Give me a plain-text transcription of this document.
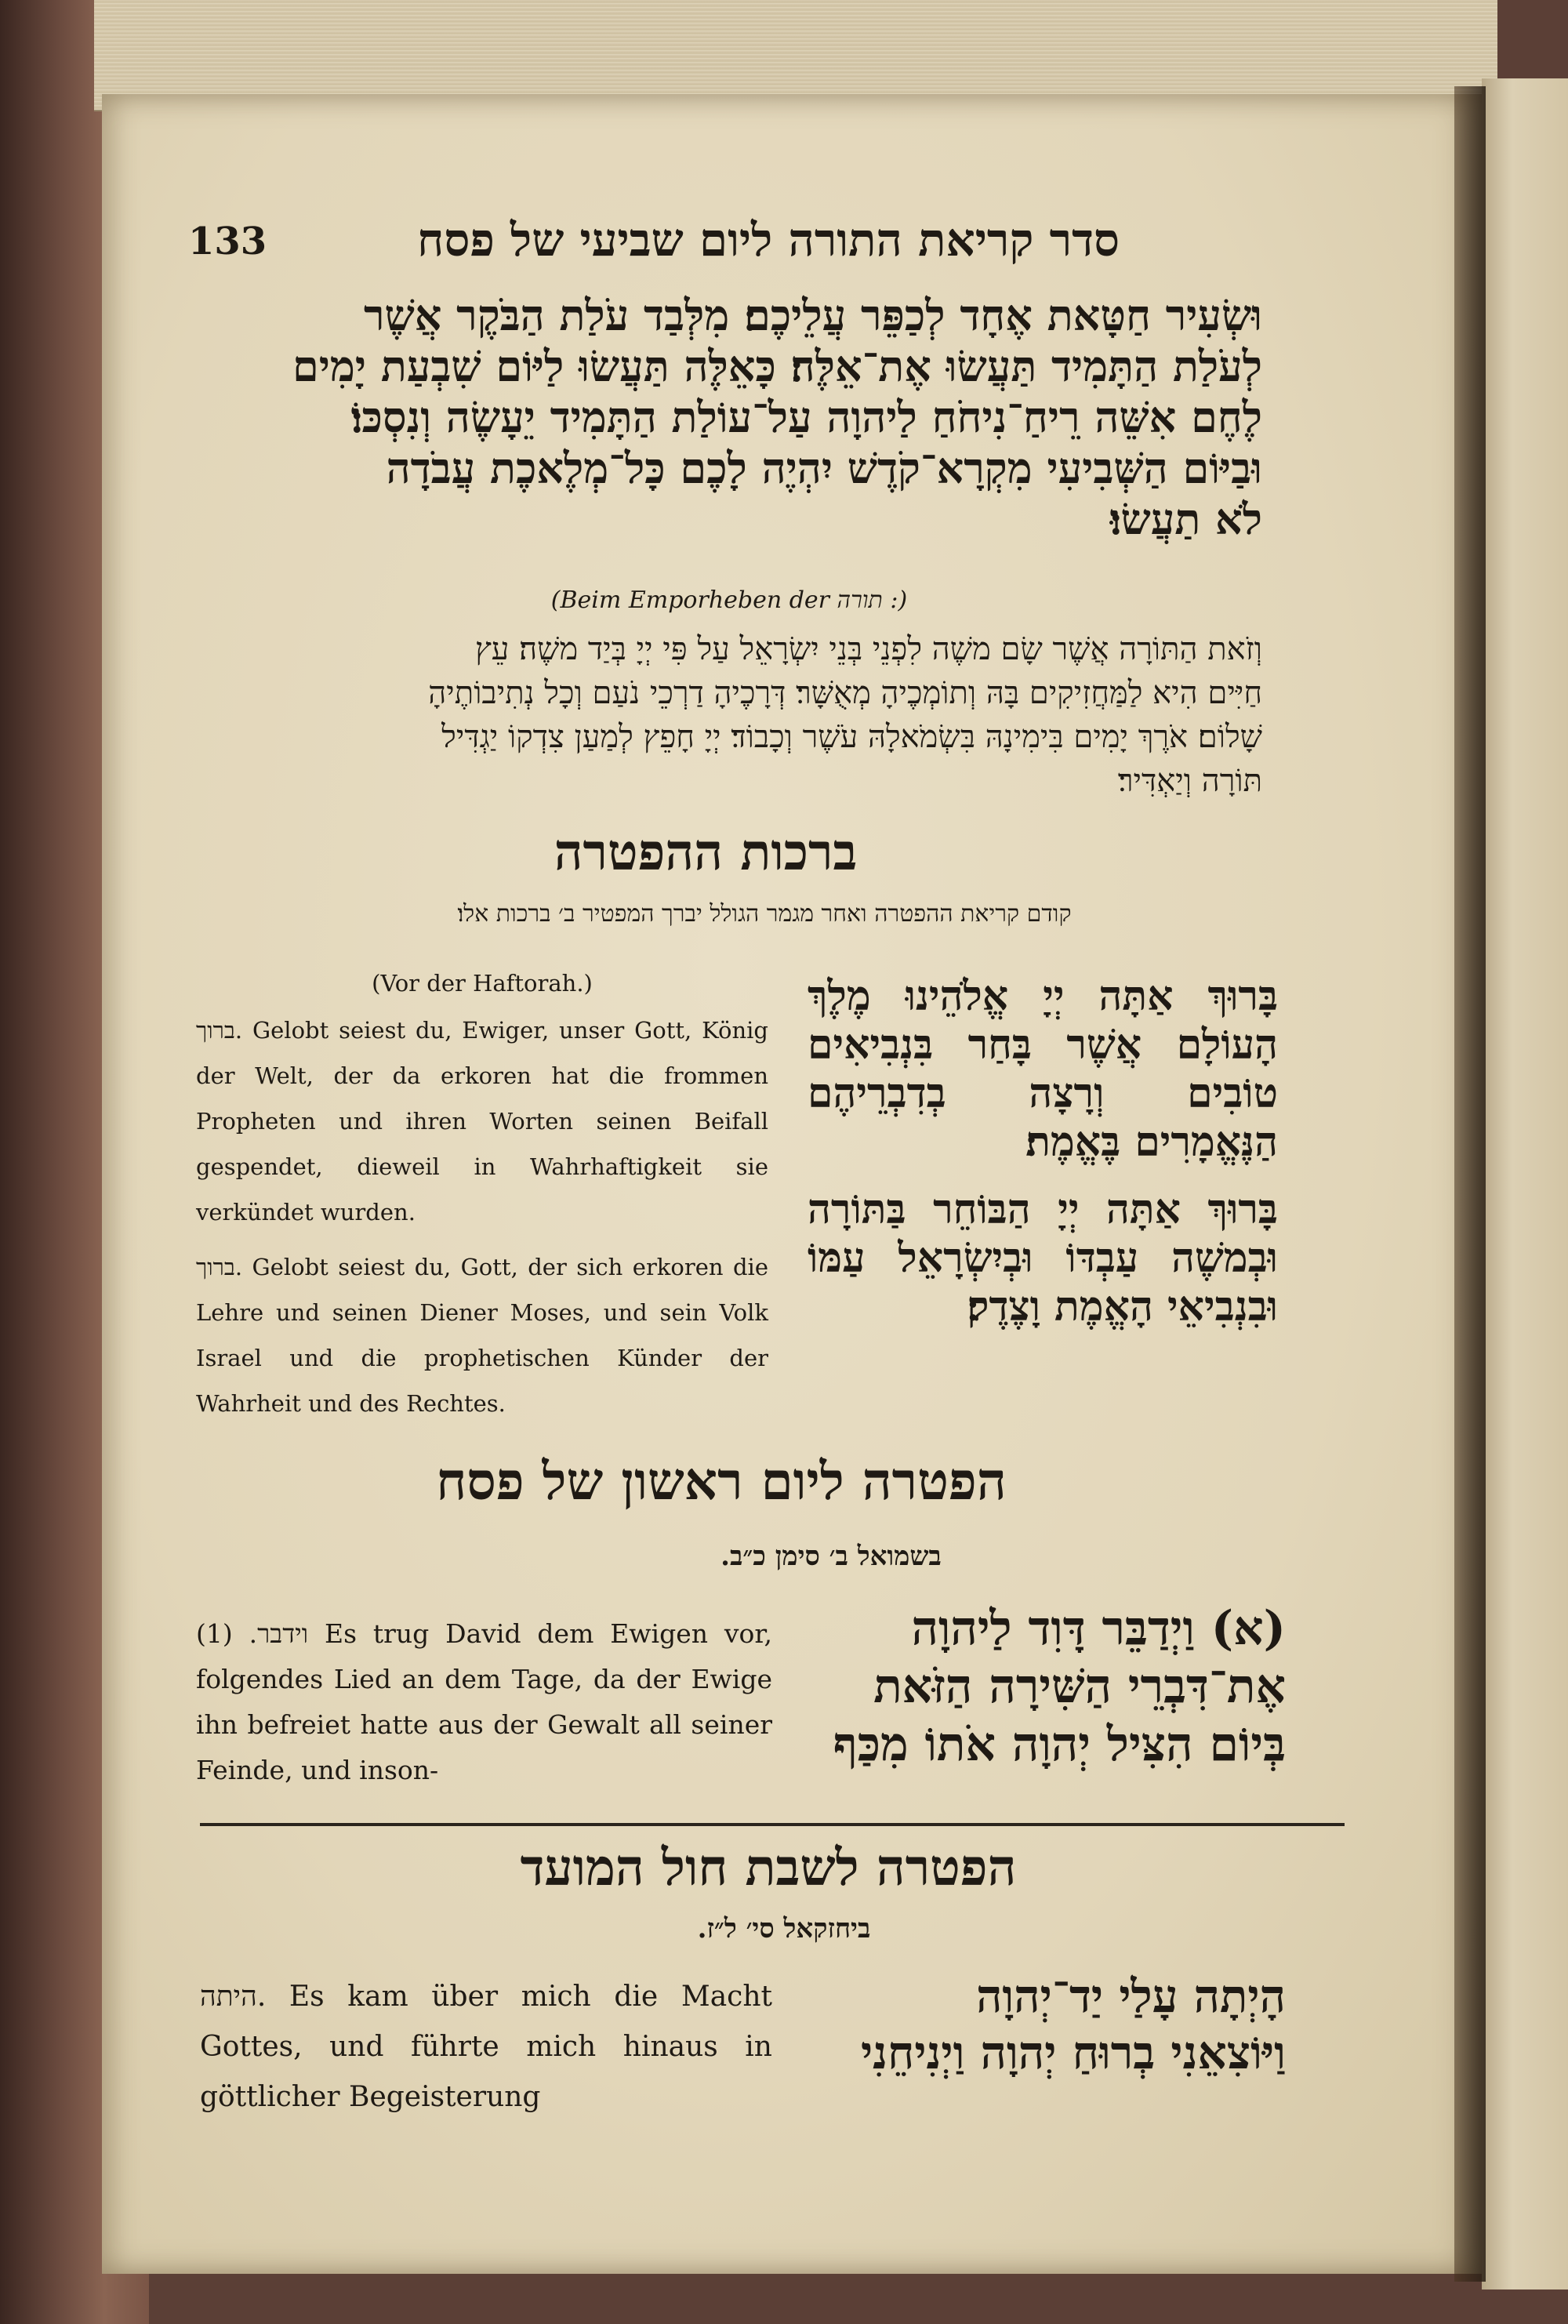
133	סדר קריאת התורה ליום שביעי של פסח

וּשְׂעִיר חַטָּאת אֶחָד לְכַפֵּר עֲלֵיכֶם׃ מִלְּבַד עֹלַת הַבֹּקֶר אֲשֶׁר

לְעֹלַת הַתָּמִיד תַּעֲשׂוּ אֶת־אֵלֶּה׃ כָּאֵלֶּה תַּעֲשׂוּ לַיּוֹם שִׁבְעַת יָמִים

לֶחֶם אִשֵּׁה רֵיחַ־נִיחֹחַ לַיהוָה עַל־עוֹלַת הַתָּמִיד יֵעָשֶׂה וְנִסְכּוֹ׃

וּבַיּוֹם הַשְּׁבִיעִי מִקְרָא־קֹדֶשׁ יִהְיֶה לָכֶם כָּל־מְלֶאכֶת עֲבֹדָה

לֹא תַעֲשׂוּ׃

(Beim Emporheben der תורה :)

וְזֹאת הַתּוֹרָה אֲשֶׁר שָׂם משֶׁה לִפְנֵי בְּנֵי יִשְׂרָאֵל עַל פִּי יְיָ בְּיַד משֶׁה׃ עֵץ

חַיִּים הִיא לַמַּחֲזִיקִים בָּהּ וְתוֹמְכֶיהָ מְאֻשָּׁר׃ דְּרָכֶיהָ דַרְכֵי נֹעַם וְכָל נְתִיבוֹתֶיהָ

שָׁלוֹם׃ אֹרֶךְ יָמִים בִּימִינָהּ בִּשְׂמֹאלָהּ עֹשֶׁר וְכָבוֹד׃ יְיָ חָפֵץ לְמַעַן צִדְקוֹ יַגְדִּיל

תּוֹרָה וְיַאְדִּיר׃

ברכות ההפטרה
קודם קריאת ההפטרה ואחר מגמר הגולל יברך המפטיר ב׳ ברכות אלו׃
(Vor der Haftorah.)

ברוך. Gelobt seiest du, Ewiger, unser Gott, König der Welt, der da erkoren hat die frommen Propheten und ihren Worten seinen Beifall gespendet, dieweil in Wahrhaftigkeit sie verkündet wurden.

ברוך. Gelobt seiest du, Gott, der sich erkoren die Lehre und seinen Diener Moses, und sein Volk Israel und die prophetischen Künder der Wahrheit und des Rechtes.

בָּרוּךְ אַתָּה יְיָ אֱלֹהֵינוּ מֶלֶךְ הָעוֹלָם אֲשֶׁר בָּחַר בִּנְבִיאִים טוֹבִים וְרָצָה בְדִבְרֵיהֶם הַנֶּאֱמָרִים בֶּאֱמֶת׃

בָּרוּךְ אַתָּה יְיָ הַבּוֹחֵר בַּתּוֹרָה וּבְמשֶׁה עַבְדּוֹ וּבְיִשְׂרָאֵל עַמּוֹ וּבִנְבִיאֵי הָאֱמֶת וָצֶדֶק׃

הפטרה ליום ראשון של פסח
בשמואל ב׳ סימן כ״ב.
וידבר. (1) Es trug David dem Ewigen vor, folgendes Lied an dem Tage, da der Ewige ihn befreiet hatte aus der Gewalt all seiner Feinde, und inson-

(א) וַיְדַבֵּר דָּוִד לַיהוָה

אֶת־דִּבְרֵי הַשִּׁירָה הַזֹּאת

בְּיוֹם הִצִּיל יְהוָה אֹתוֹ מִכַּף

הפטרה לשבת חול המועד
ביחזקאל סי׳ ל״ז.
היתה. Es kam über mich die Macht Gottes, und führte mich hinaus in göttlicher Begeisterung

הָיְתָה עָלַי יַד־יְהוָה

וַיּוֹצִאֵנִי בְרוּחַ יְהוָה וַיְנִיחֵנִי
